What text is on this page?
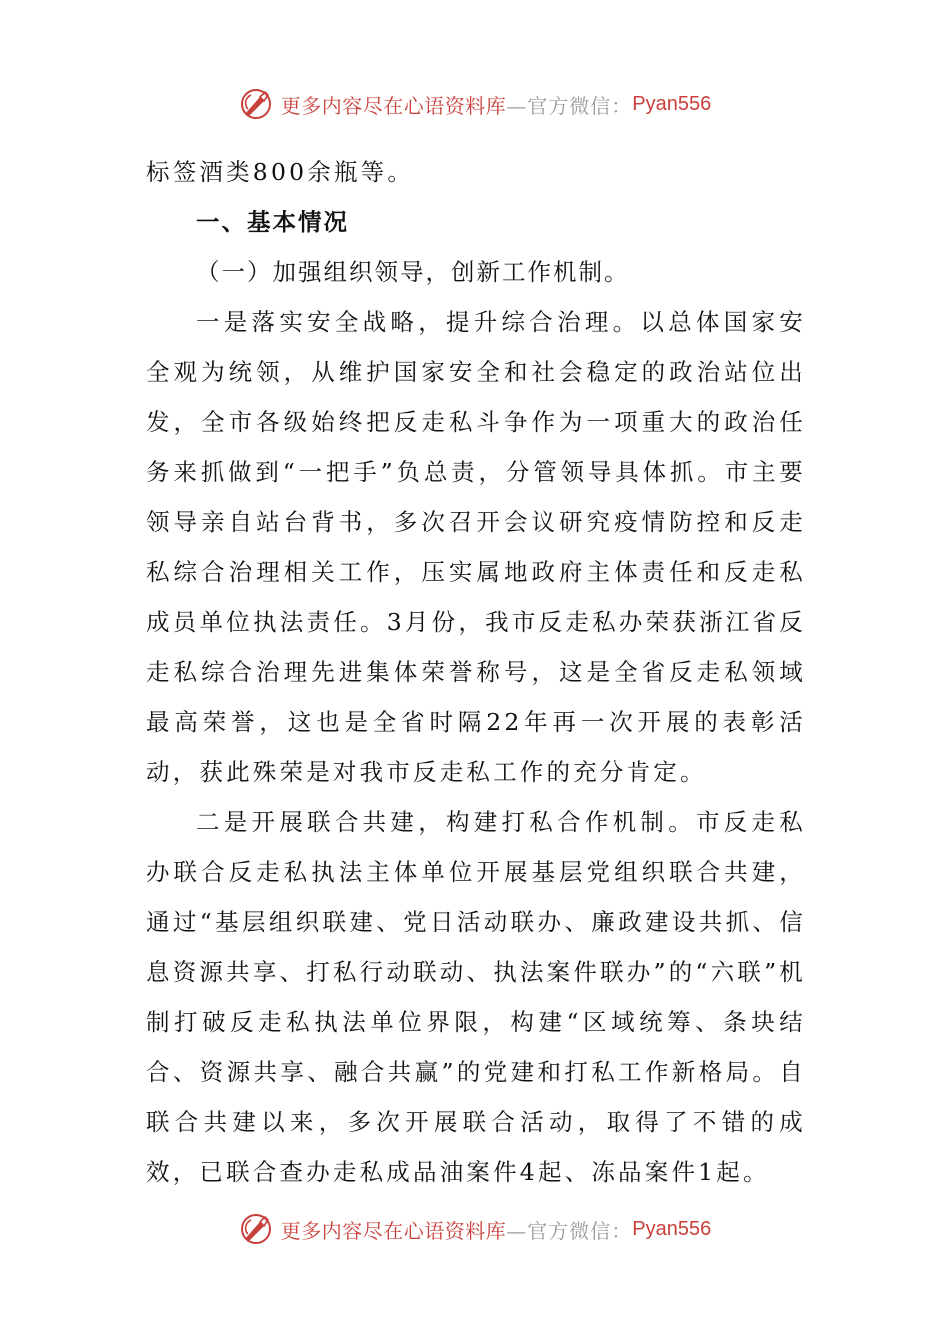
更多内容尽在心语资料库 —官方微信： Pyan556

标签酒类800余瓶等。

一、基本情况

（一）加强组织领导，创新工作机制。

一是落实安全战略，提升综合治理。以总体国家安全观为统领，从维护国家安全和社会稳定的政治站位出发，全市各级始终把反走私斗争作为一项重大的政治任务来抓做到“一把手”负总责，分管领导具体抓。市主要领导亲自站台背书，多次召开会议研究疫情防控和反走私综合治理相关工作，压实属地政府主体责任和反走私成员单位执法责任。3月份，我市反走私办荣获浙江省反走私综合治理先进集体荣誉称号，这是全省反走私领域最高荣誉，这也是全省时隔22年再一次开展的表彰活动，获此殊荣是对我市反走私工作的充分肯定。

二是开展联合共建，构建打私合作机制。市反走私办联合反走私执法主体单位开展基层党组织联合共建，通过“基层组织联建、党日活动联办、廉政建设共抓、信息资源共享、打私行动联动、执法案件联办”的“六联”机制打破反走私执法单位界限，构建“区域统筹、条块结合、资源共享、融合共赢”的党建和打私工作新格局。自联合共建以来，多次开展联合活动，取得了不错的成效，已联合查办走私成品油案件4起、冻品案件1起。

更多内容尽在心语资料库 —官方微信： Pyan556
